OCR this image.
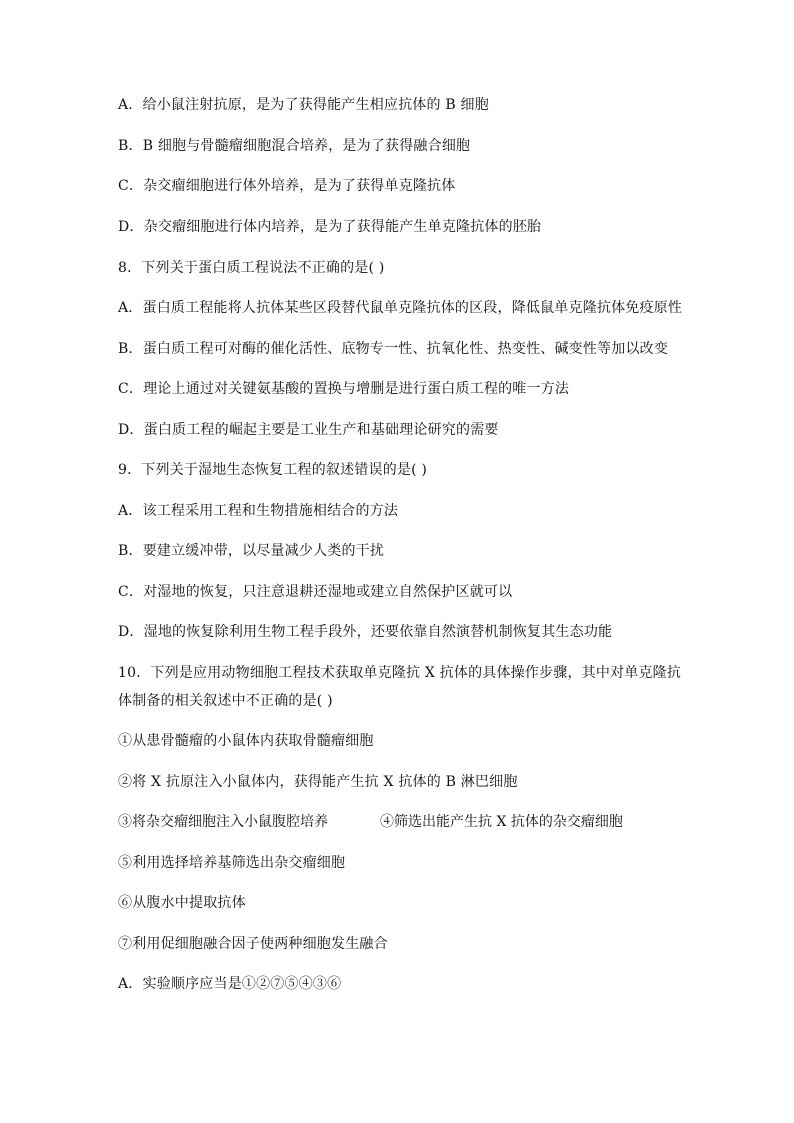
A．给小鼠注射抗原，是为了获得能产生相应抗体的 B 细胞
B．B 细胞与骨髓瘤细胞混合培养，是为了获得融合细胞
C．杂交瘤细胞进行体外培养，是为了获得单克隆抗体
D．杂交瘤细胞进行体内培养，是为了获得能产生单克隆抗体的胚胎
8．下列关于蛋白质工程说法不正确的是( )
A．蛋白质工程能将人抗体某些区段替代鼠单克隆抗体的区段，降低鼠单克隆抗体免疫原性
B．蛋白质工程可对酶的催化活性、底物专一性、抗氧化性、热变性、碱变性等加以改变
C．理论上通过对关键氨基酸的置换与增删是进行蛋白质工程的唯一方法
D．蛋白质工程的崛起主要是工业生产和基础理论研究的需要
9．下列关于湿地生态恢复工程的叙述错误的是( )
A．该工程采用工程和生物措施相结合的方法
B．要建立缓冲带，以尽量减少人类的干扰
C．对湿地的恢复，只注意退耕还湿地或建立自然保护区就可以
D．湿地的恢复除利用生物工程手段外，还要依靠自然演替机制恢复其生态功能
10．下列是应用动物细胞工程技术获取单克隆抗 X 抗体的具体操作步骤，其中对单克隆抗
体制备的相关叙述中不正确的是( )
①从患骨髓瘤的小鼠体内获取骨髓瘤细胞
②将 X 抗原注入小鼠体内，获得能产生抗 X 抗体的 B 淋巴细胞
③将杂交瘤细胞注入小鼠腹腔培养	④筛选出能产生抗 X 抗体的杂交瘤细胞
⑤利用选择培养基筛选出杂交瘤细胞
⑥从腹水中提取抗体
⑦利用促细胞融合因子使两种细胞发生融合
A．实验顺序应当是①②⑦⑤④③⑥
